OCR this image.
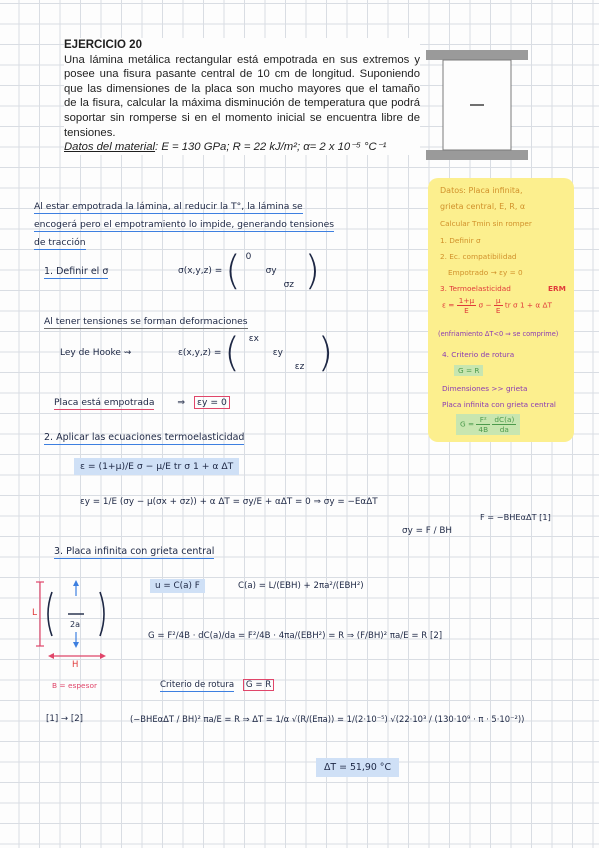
EJERCICIO 20
Una lámina metálica rectangular está empotrada en sus extremos y posee una fisura pasante central de 10 cm de longitud. Suponiendo que las dimensiones de la placa son mucho mayores que el tamaño de la fisura, calcular la máxima disminución de temperatura que podrá soportar sin romperse si en el momento inicial se encuentra libre de tensiones.
Datos del material: E = 130 GPa; R = 22 kJ/m²; α= 2 x 10⁻⁵ °C⁻¹
Datos: Placa infinita,
grieta central, E, R, α
Calcular Tmin sin romper
1. Definir σ
2. Ec. compatibilidad
Empotrado → εy = 0
3. Termoelasticidad	ERM
$\varepsilon = \frac{1+\mu}{E}$ $\sigma - \frac{\mu}{E}$ tr σ 1 + α ΔT
(enfriamiento ΔT<0 ⇒ se comprime)
4. Criterio de rotura
G = R
Dimensiones >> grieta
Placa infinita con grieta central
$G = \frac{\text{F²}}{4B}$
$\frac{dC(a)}{da}$
Al estar empotrada la lámina, al reducir la T°, la lámina se
encogerá pero el empotramiento lo impide, generando tensiones
de tracción
1. Definir el σ	σ(x,y,z) = ( 0
σy
σz )
Al tener tensiones se forman deformaciones
Ley de Hooke ⇝	ε(x,y,z) = ( εx
εy
εz )
Placa está empotrada ⇒ εy = 0
2. Aplicar las ecuaciones termoelasticidad
ε = (1+μ)/E σ − μ/E tr σ 1 + α ΔT
εy = 1/E (σy − μ(σx + σz)) + α ΔT = σy/E + αΔT = 0 ⇒ σy = −EαΔT
σy = F / BH
F = −BHEαΔT [1]
3. Placa infinita con grieta central
L
2a
H
B = espesor
u = C(a) F	C(a) = L/(EBH) + 2πa²/(EBH²)
G = F²/4B · dC(a)/da = F²/4B · 4πa/(EBH²) = R ⇒ (F/BH)² πa/E = R [2]
Criterio de rotura G = R
[1] → [2]	(−BHEαΔT / BH)² πa/E = R ⇒ ΔT = 1/α √(R/(Eπa)) = 1/(2·10⁻⁵) √(22·10³ / (130·10⁹ · π · 5·10⁻²))
ΔT = 51,90 °C
